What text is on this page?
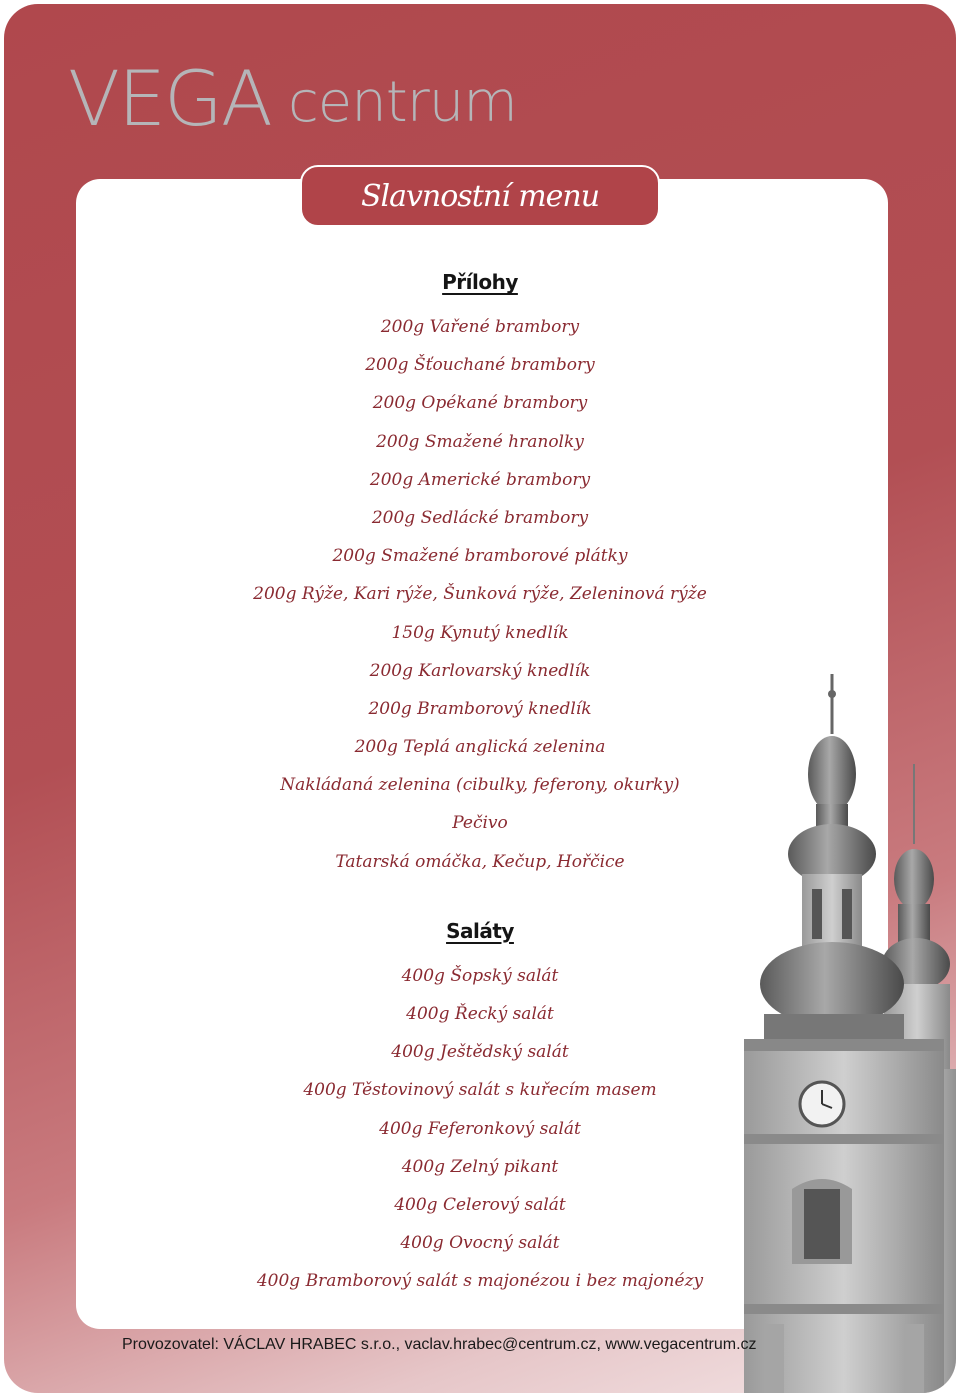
VEGA centrum
Provozovatel: VÁCLAV HRABEC s.r.o., vaclav.hrabec@centrum.cz, www.vegacentrum.cz
Slavnostní menu
Přílohy
200g Vařené brambory
200g Šťouchané brambory
200g Opékané brambory
200g Smažené hranolky
200g Americké brambory
200g Sedlácké brambory
200g Smažené bramborové plátky
200g Rýže, Kari rýže, Šunková rýže, Zeleninová rýže
150g Kynutý knedlík
200g Karlovarský knedlík
200g Bramborový knedlík
200g Teplá anglická zelenina
Nakládaná zelenina (cibulky, feferony, okurky)
Pečivo
Tatarská omáčka, Kečup, Hořčice
Saláty
400g Šopský salát
400g Řecký salát
400g Ještědský salát
400g Těstovinový salát s kuřecím masem
400g Feferonkový salát
400g Zelný pikant
400g Celerový salát
400g Ovocný salát
400g Bramborový salát s majonézou i bez majonézy
